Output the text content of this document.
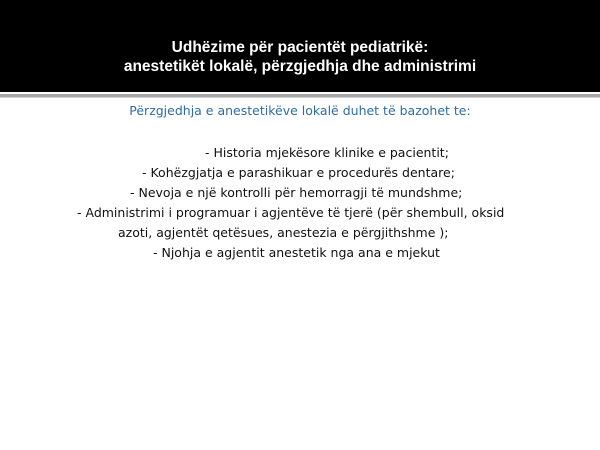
Udhëzime për pacientët pediatrikë:
anestetikët lokalë, përzgjedhja dhe administrimi
Përzgjedhja e anestetikëve lokalë duhet të bazohet te:
- Historia mjekësore klinike e pacientit;
- Kohëzgjatja e parashikuar e procedurës dentare;
- Nevoja e një kontrolli për hemorragji të mundshme;
- Administrimi i programuar i agjentëve të tjerë (për shembull, oksid
azoti, agjentët qetësues, anestezia e përgjithshme );
- Njohja e agjentit anestetik nga ana e mjekut
